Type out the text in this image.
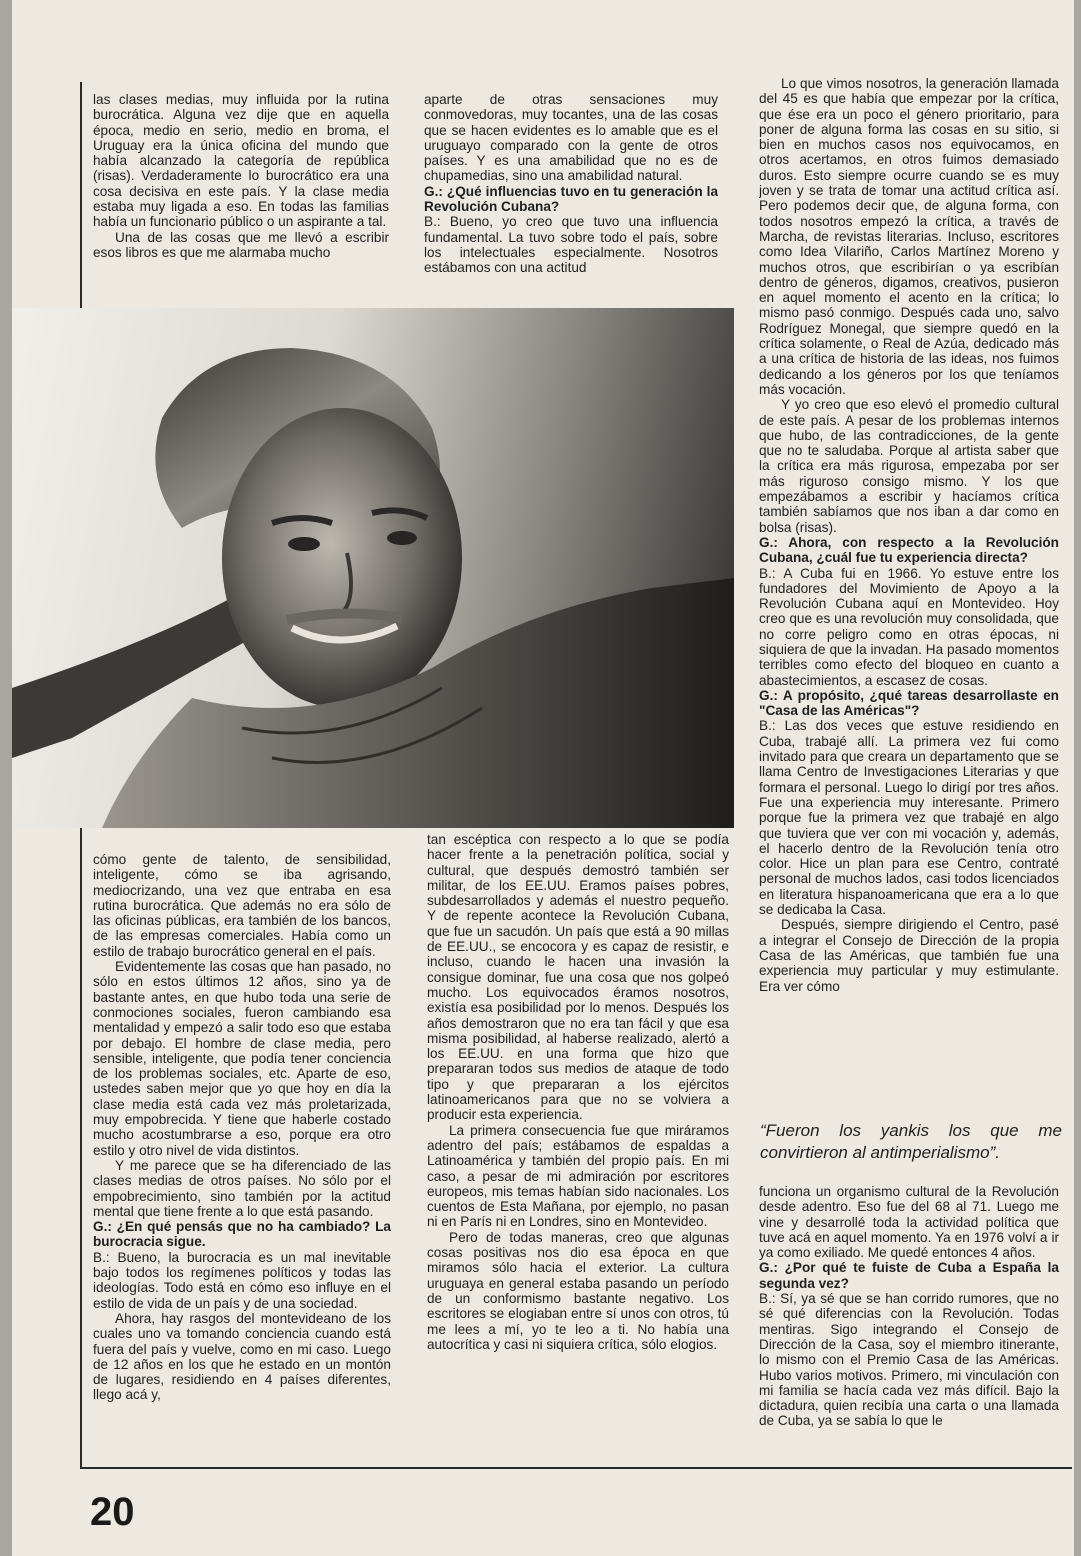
las clases medias, muy influida por la rutina burocrática. Alguna vez dije que en aquella época, medio en serio, medio en broma, el Uruguay era la única oficina del mundo que había alcanzado la categoría de república (risas). Verdaderamente lo burocrático era una cosa decisiva en este país. Y la clase media estaba muy ligada a eso. En todas las familias había un funcionario público o un aspirante a tal.

Una de las cosas que me llevó a escribir esos libros es que me alarmaba mucho

aparte de otras sensaciones muy conmovedoras, muy tocantes, una de las cosas que se hacen evidentes es lo amable que es el uruguayo comparado con la gente de otros países. Y es una amabilidad que no es de chupamedias, sino una amabilidad natural.

G.: ¿Qué influencias tuvo en tu generación la Revolución Cubana?

B.: Bueno, yo creo que tuvo una influencia fundamental. La tuvo sobre todo el país, sobre los intelectuales especialmente. Nosotros estábamos con una actitud

Lo que vimos nosotros, la generación llamada del 45 es que había que empezar por la crítica, que ése era un poco el género prioritario, para poner de alguna forma las cosas en su sitio, si bien en muchos casos nos equivocamos, en otros acertamos, en otros fuimos demasiado duros. Esto siempre ocurre cuando se es muy joven y se trata de tomar una actitud crítica así. Pero podemos decir que, de alguna forma, con todos nosotros empezó la crítica, a través de Marcha, de revistas literarias. Incluso, escritores como Idea Vilariño, Carlos Martínez Moreno y muchos otros, que escribirían o ya escribían dentro de géneros, digamos, creativos, pusieron en aquel momento el acento en la crítica; lo mismo pasó conmigo. Después cada uno, salvo Rodríguez Monegal, que siempre quedó en la crítica solamente, o Real de Azúa, dedicado más a una crítica de historia de las ideas, nos fuimos dedicando a los géneros por los que teníamos más vocación.

Y yo creo que eso elevó el promedio cultural de este país. A pesar de los problemas internos que hubo, de las contradicciones, de la gente que no te saludaba. Porque al artista saber que la crítica era más rigurosa, empezaba por ser más riguroso consigo mismo. Y los que empezábamos a escribir y hacíamos crítica también sabíamos que nos iban a dar como en bolsa (risas).

G.: Ahora, con respecto a la Revolución Cubana, ¿cuál fue tu experiencia directa?

B.: A Cuba fui en 1966. Yo estuve entre los fundadores del Movimiento de Apoyo a la Revolución Cubana aquí en Montevideo. Hoy creo que es una revolución muy consolidada, que no corre peligro como en otras épocas, ni siquiera de que la invadan. Ha pasado momentos terribles como efecto del bloqueo en cuanto a abastecimientos, a escasez de cosas.

G.: A propósito, ¿qué tareas desarrollaste en "Casa de las Américas"?

B.: Las dos veces que estuve residiendo en Cuba, trabajé allí. La primera vez fui como invitado para que creara un departamento que se llama Centro de Investigaciones Literarias y que formara el personal. Luego lo dirigí por tres años. Fue una experiencia muy interesante. Primero porque fue la primera vez que trabajé en algo que tuviera que ver con mi vocación y, además, el hacerlo dentro de la Revolución tenía otro color. Hice un plan para ese Centro, contraté personal de muchos lados, casi todos licenciados en literatura hispanoamericana que era a lo que se dedicaba la Casa.

Después, siempre dirigiendo el Centro, pasé a integrar el Consejo de Dirección de la propia Casa de las Américas, que también fue una experiencia muy particular y muy estimulante. Era ver cómo

cómo gente de talento, de sensibilidad, inteligente, cómo se iba agrisando, mediocrizando, una vez que entraba en esa rutina burocrática. Que además no era sólo de las oficinas públicas, era también de los bancos, de las empresas comerciales. Había como un estilo de trabajo burocrático general en el país.

Evidentemente las cosas que han pasado, no sólo en estos últimos 12 años, sino ya de bastante antes, en que hubo toda una serie de conmociones sociales, fueron cambiando esa mentalidad y empezó a salir todo eso que estaba por debajo. El hombre de clase media, pero sensible, inteligente, que podía tener conciencia de los problemas sociales, etc. Aparte de eso, ustedes saben mejor que yo que hoy en día la clase media está cada vez más proletarizada, muy empobrecida. Y tiene que haberle costado mucho acostumbrarse a eso, porque era otro estilo y otro nivel de vida distintos.

Y me parece que se ha diferenciado de las clases medias de otros países. No sólo por el empobrecimiento, sino también por la actitud mental que tiene frente a lo que está pasando.

G.: ¿En qué pensás que no ha cambiado? La burocracia sigue.

B.: Bueno, la burocracia es un mal inevitable bajo todos los regímenes políticos y todas las ideologías. Todo está en cómo eso influye en el estilo de vida de un país y de una sociedad.

Ahora, hay rasgos del montevideano de los cuales uno va tomando conciencia cuando está fuera del país y vuelve, como en mi caso. Luego de 12 años en los que he estado en un montón de lugares, residiendo en 4 países diferentes, llego acá y,

tan escéptica con respecto a lo que se podía hacer frente a la penetración política, social y cultural, que después demostró también ser militar, de los EE.UU. Eramos países pobres, subdesarrollados y además el nuestro pequeño. Y de repente acontece la Revolución Cubana, que fue un sacudón. Un país que está a 90 millas de EE.UU., se encocora y es capaz de resistir, e incluso, cuando le hacen una invasión la consigue dominar, fue una cosa que nos golpeó mucho. Los equivocados éramos nosotros, existía esa posibilidad por lo menos. Después los años demostraron que no era tan fácil y que esa misma posibilidad, al haberse realizado, alertó a los EE.UU. en una forma que hizo que prepararan todos sus medios de ataque de todo tipo y que prepararan a los ejércitos latinoamericanos para que no se volviera a producir esta experiencia.

La primera consecuencia fue que miráramos adentro del país; estábamos de espaldas a Latinoamérica y también del propio país. En mi caso, a pesar de mi admiración por escritores europeos, mis temas habían sido nacionales. Los cuentos de Esta Mañana, por ejemplo, no pasan ni en París ni en Londres, sino en Montevideo.

Pero de todas maneras, creo que algunas cosas positivas nos dio esa época en que miramos sólo hacia el exterior. La cultura uruguaya en general estaba pasando un período de un conformismo bastante negativo. Los escritores se elogiaban entre sí unos con otros, tú me lees a mí, yo te leo a ti. No había una autocrítica y casi ni siquiera crítica, sólo elogios.

“Fueron los yankis los que me convirtieron al antimperialismo”.

funciona un organismo cultural de la Revolución desde adentro. Eso fue del 68 al 71. Luego me vine y desarrollé toda la actividad política que tuve acá en aquel momento. Ya en 1976 volví a ir ya como exiliado. Me quedé entonces 4 años.

G.: ¿Por qué te fuiste de Cuba a España la segunda vez?

B.: Sí, ya sé que se han corrido rumores, que no sé qué diferencias con la Revolución. Todas mentiras. Sigo integrando el Consejo de Dirección de la Casa, soy el miembro itinerante, lo mismo con el Premio Casa de las Américas. Hubo varios motivos. Primero, mi vinculación con mi familia se hacía cada vez más difícil. Bajo la dictadura, quien recibía una carta o una llamada de Cuba, ya se sabía lo que le

20
